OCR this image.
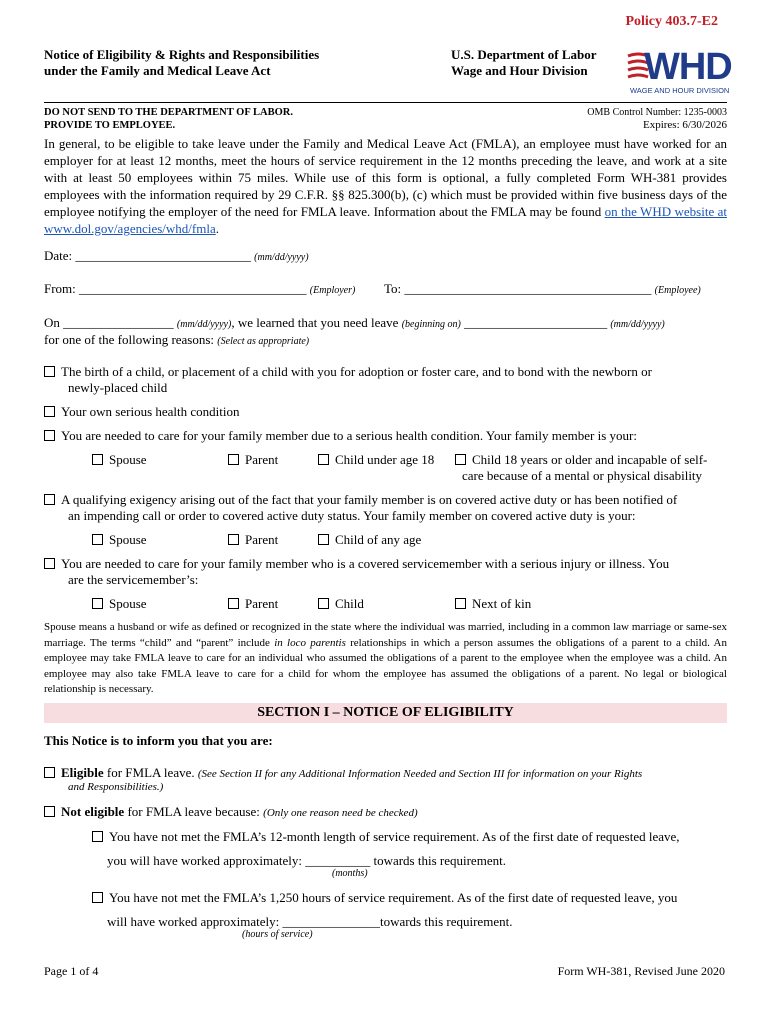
Policy 403.7-E2
Notice of Eligibility & Rights and Responsibilities
under the Family and Medical Leave Act
U.S. Department of Labor
Wage and Hour Division WHD
WAGE AND HOUR DIVISION
DO NOT SEND TO THE DEPARTMENT OF LABOR.
PROVIDE TO EMPLOYEE.
OMB Control Number: 1235-0003
Expires: 6/30/2026
In general, to be eligible to take leave under the Family and Medical Leave Act (FMLA), an employee must have worked for an employer for at least 12 months, meet the hours of service requirement in the 12 months preceding the leave, and work at a site with at least 50 employees within 75 miles. While use of this form is optional, a fully completed Form WH-381 provides employees with the information required by 29 C.F.R. §§ 825.300(b), (c) which must be provided within five business days of the employee notifying the employer of the need for FMLA leave. Information about the FMLA may be found on the WHD website at www.dol.gov/agencies/whd/fmla.
Date: ___________________________ (mm/dd/yyyy)
From: ___________________________________ (Employer) To: ______________________________________ (Employee)
On _________________ (mm/dd/yyyy), we learned that you need leave (beginning on) ______________________ (mm/dd/yyyy)
for one of the following reasons: (Select as appropriate)
The birth of a child, or placement of a child with you for adoption or foster care, and to bond with the newborn or
newly-placed child
Your own serious health condition
You are needed to care for your family member due to a serious health condition. Your family member is your:
Spouse	Parent	Child under age 18	Child 18 years or older and incapable of self-
care because of a mental or physical disability
A qualifying exigency arising out of the fact that your family member is on covered active duty or has been notified of
an impending call or order to covered active duty status. Your family member on covered active duty is your:
Spouse	Parent	Child of any age
You are needed to care for your family member who is a covered servicemember with a serious injury or illness. You
are the servicemember’s:
Spouse	Parent	Child	Next of kin
Spouse means a husband or wife as defined or recognized in the state where the individual was married, including in a common law marriage or same-sex marriage. The terms “child” and “parent” include in loco parentis relationships in which a person assumes the obligations of a parent to a child. An employee may take FMLA leave to care for an individual who assumed the obligations of a parent to the employee when the employee was a child. An employee may also take FMLA leave to care for a child for whom the employee has assumed the obligations of a parent. No legal or biological relationship is necessary.
SECTION I – NOTICE OF ELIGIBILITY
This Notice is to inform you that you are:
Eligible for FMLA leave. (See Section II for any Additional Information Needed and Section III for information on your Rights
and Responsibilities.)
Not eligible for FMLA leave because: (Only one reason need be checked)
You have not met the FMLA’s 12-month length of service requirement. As of the first date of requested leave,
you will have worked approximately: __________ towards this requirement.
(months)
You have not met the FMLA’s 1,250 hours of service requirement. As of the first date of requested leave, you
will have worked approximately: _______________towards this requirement.
(hours of service)
Page 1 of 4	Form WH-381, Revised June 2020
